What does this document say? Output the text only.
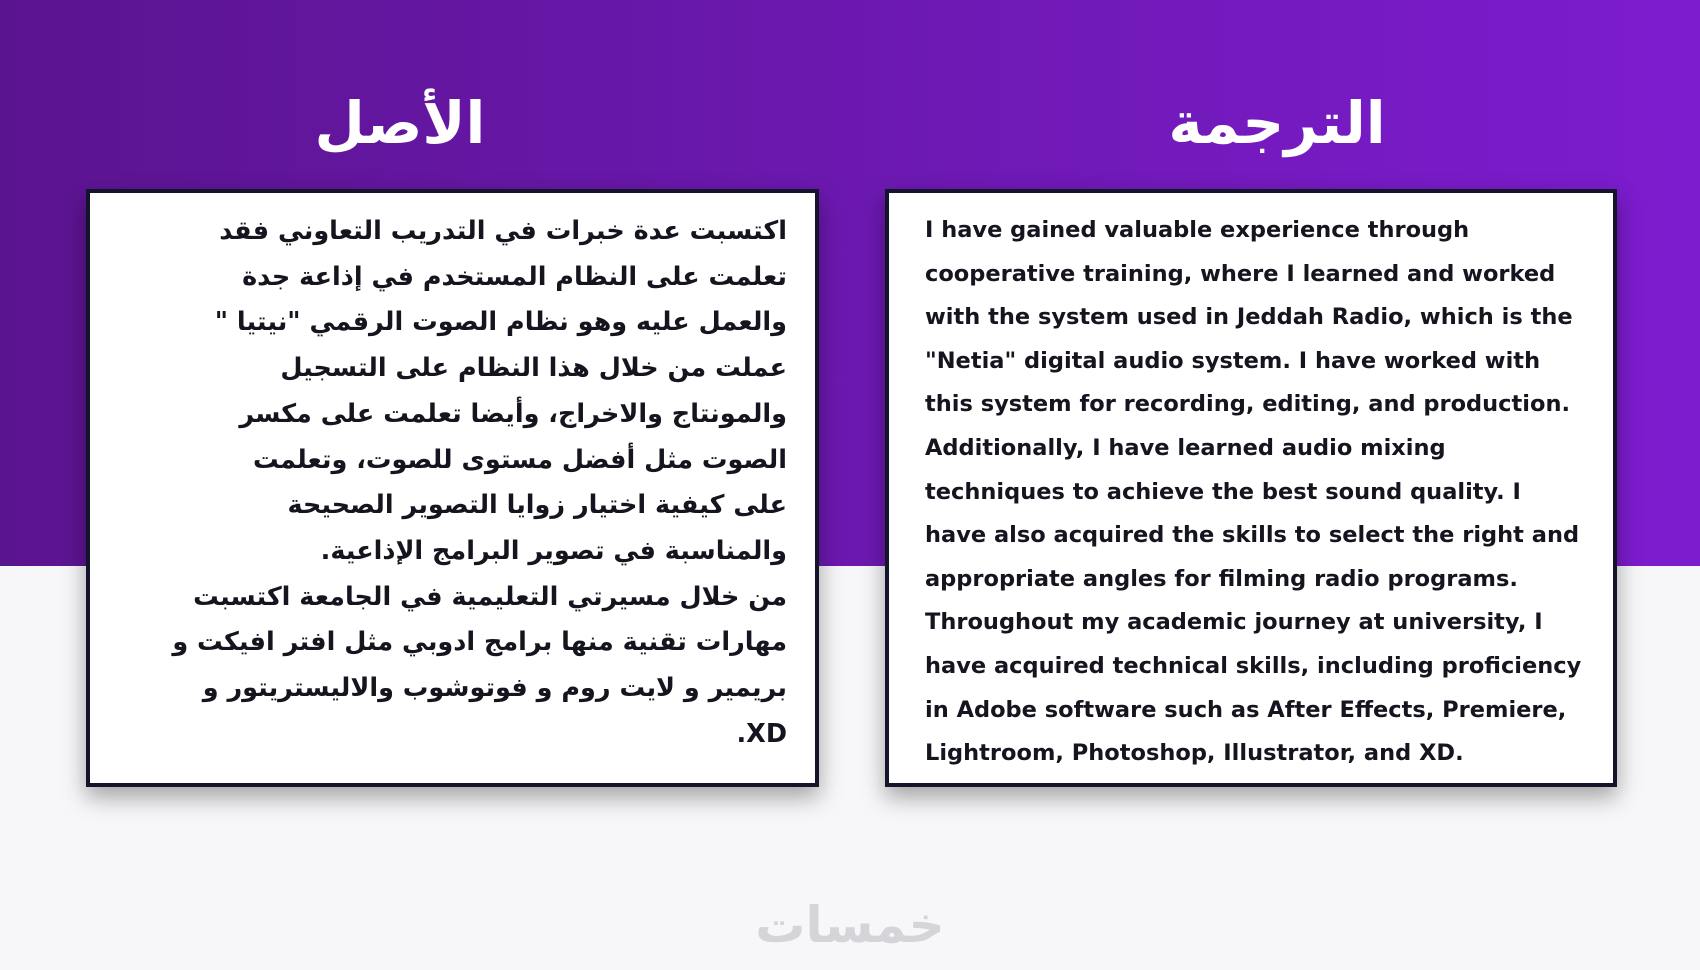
الأصل	الترجمة
اكتسبت عدة خبرات في التدريب التعاوني فقد
تعلمت على النظام المستخدم في إذاعة جدة
والعمل عليه وهو نظام الصوت الرقمي "نيتيا "
عملت من خلال هذا النظام على التسجيل
والمونتاج والاخراج، وأيضا تعلمت على مكسر
الصوت مثل أفضل مستوى للصوت، وتعلمت
على كيفية اختيار زوايا التصوير الصحيحة
والمناسبة في تصوير البرامج الإذاعية.
من خلال مسيرتي التعليمية في الجامعة اكتسبت
مهارات تقنية منها برامج ادوبي مثل افتر افيكت و
بريمير و لايت روم و فوتوشوب والاليستريتور و
XD.
I have gained valuable experience through
cooperative training, where I learned and worked
with the system used in Jeddah Radio, which is the
"Netia" digital audio system. I have worked with
this system for recording, editing, and production.
Additionally, I have learned audio mixing
techniques to achieve the best sound quality. I
have also acquired the skills to select the right and
appropriate angles for filming radio programs.
Throughout my academic journey at university, I
have acquired technical skills, including proficiency
in Adobe software such as After Effects, Premiere,
Lightroom, Photoshop, Illustrator, and XD.
خمسات
